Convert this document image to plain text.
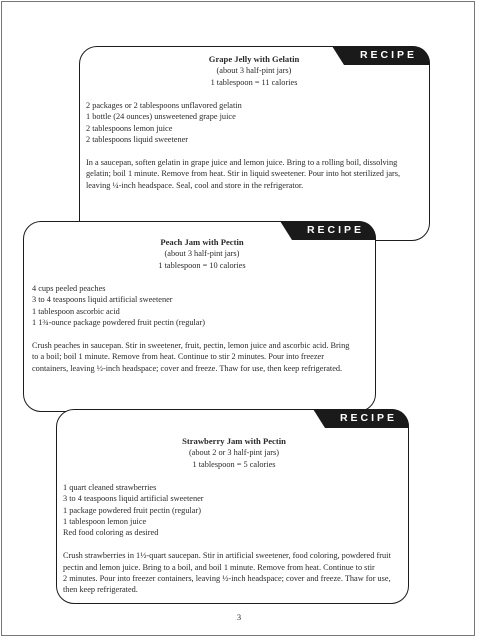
RECIPE
Grape Jelly with Gelatin
(about 3 half-pint jars)
1 tablespoon = 11 calories
2 packages or 2 tablespoons unflavored gelatin
1 bottle (24 ounces) unsweetened grape juice
2 tablespoons lemon juice
2 tablespoons liquid sweetener
In a saucepan, soften gelatin in grape juice and lemon juice. Bring to a rolling boil, dissolving
gelatin; boil 1 minute. Remove from heat. Stir in liquid sweetener. Pour into hot sterilized jars,
leaving ¼-inch headspace. Seal, cool and store in the refrigerator.
RECIPE
Peach Jam with Pectin
(about 3 half-pint jars)
1 tablespoon = 10 calories
4 cups peeled peaches
3 to 4 teaspoons liquid artificial sweetener
1 tablespoon ascorbic acid
1 1¾-ounce package powdered fruit pectin (regular)
Crush peaches in saucepan. Stir in sweetener, fruit, pectin, lemon juice and ascorbic acid. Bring
to a boil; boil 1 minute. Remove from heat. Continue to stir 2 minutes. Pour into freezer
containers, leaving ½-inch headspace; cover and freeze. Thaw for use, then keep refrigerated.
RECIPE
Strawberry Jam with Pectin
(about 2 or 3 half-pint jars)
1 tablespoon = 5 calories
1 quart cleaned strawberries
3 to 4 teaspoons liquid artificial sweetener
1 package powdered fruit pectin (regular)
1 tablespoon lemon juice
Red food coloring as desired
Crush strawberries in 1½-quart saucepan. Stir in artificial sweetener, food coloring, powdered fruit
pectin and lemon juice. Bring to a boil, and boil 1 minute. Remove from heat. Continue to stir
2 minutes. Pour into freezer containers, leaving ½-inch headspace; cover and freeze. Thaw for use,
then keep refrigerated.
3
